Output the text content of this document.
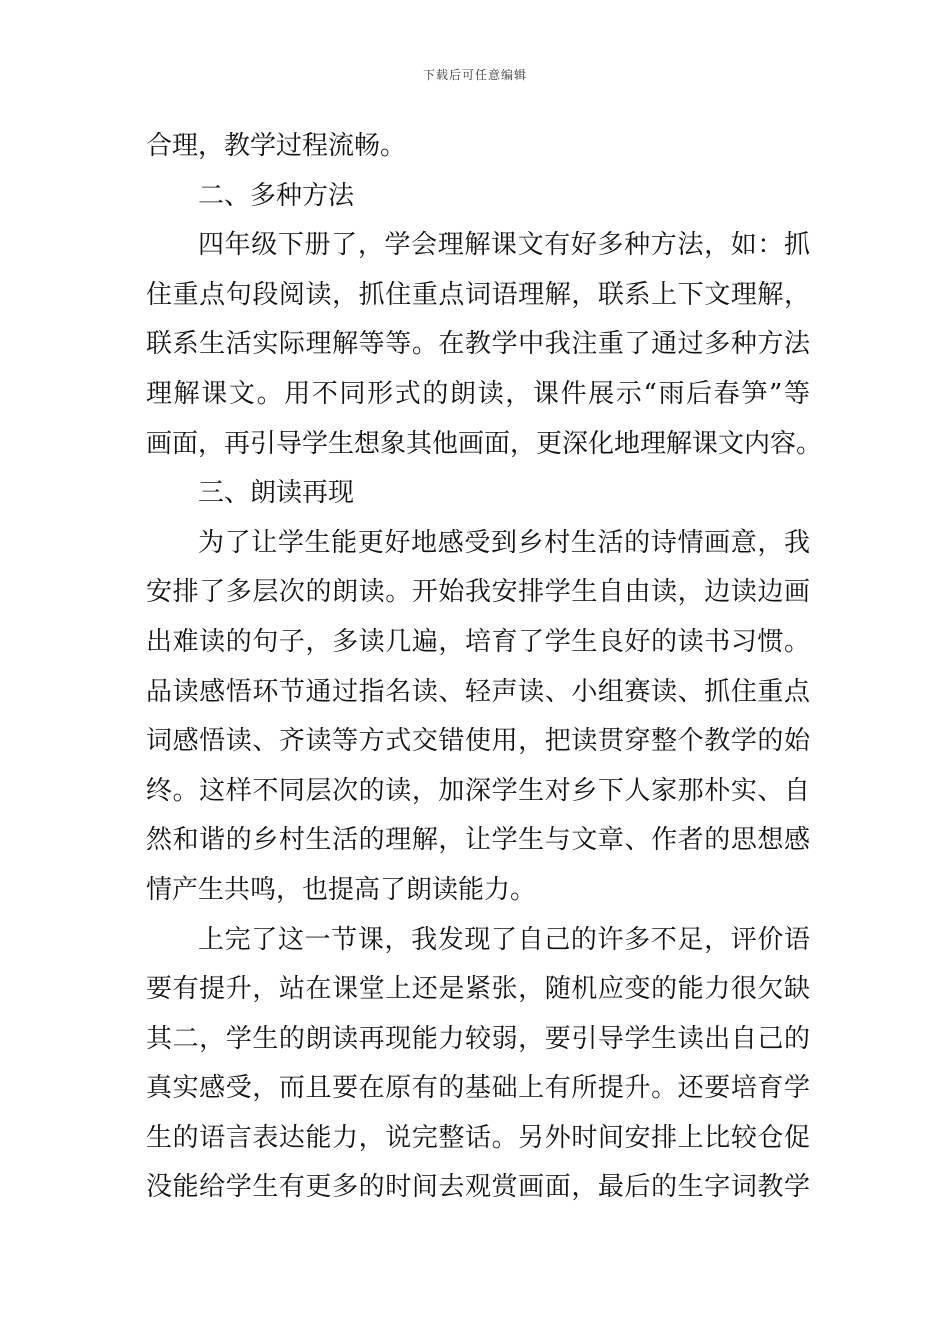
下载后可任意编辑
合理，教学过程流畅。
二、多种方法
四年级下册了，学会理解课文有好多种方法，如：抓
住重点句段阅读，抓住重点词语理解，联系上下文理解，
联系生活实际理解等等。在教学中我注重了通过多种方法
理解课文。用不同形式的朗读，课件展示“雨后春笋”等
画面，再引导学生想象其他画面，更深化地理解课文内容。
三、朗读再现
为了让学生能更好地感受到乡村生活的诗情画意，我
安排了多层次的朗读。开始我安排学生自由读，边读边画
出难读的句子，多读几遍，培育了学生良好的读书习惯。
品读感悟环节通过指名读、轻声读、小组赛读、抓住重点
词感悟读、齐读等方式交错使用，把读贯穿整个教学的始
终。这样不同层次的读，加深学生对乡下人家那朴实、自
然和谐的乡村生活的理解，让学生与文章、作者的思想感
情产生共鸣，也提高了朗读能力。
上完了这一节课，我发现了自己的许多不足，评价语
要有提升，站在课堂上还是紧张，随机应变的能力很欠缺
其二，学生的朗读再现能力较弱，要引导学生读出自己的
真实感受，而且要在原有的基础上有所提升。还要培育学
生的语言表达能力，说完整话。另外时间安排上比较仓促
没能给学生有更多的时间去观赏画面，最后的生字词教学
